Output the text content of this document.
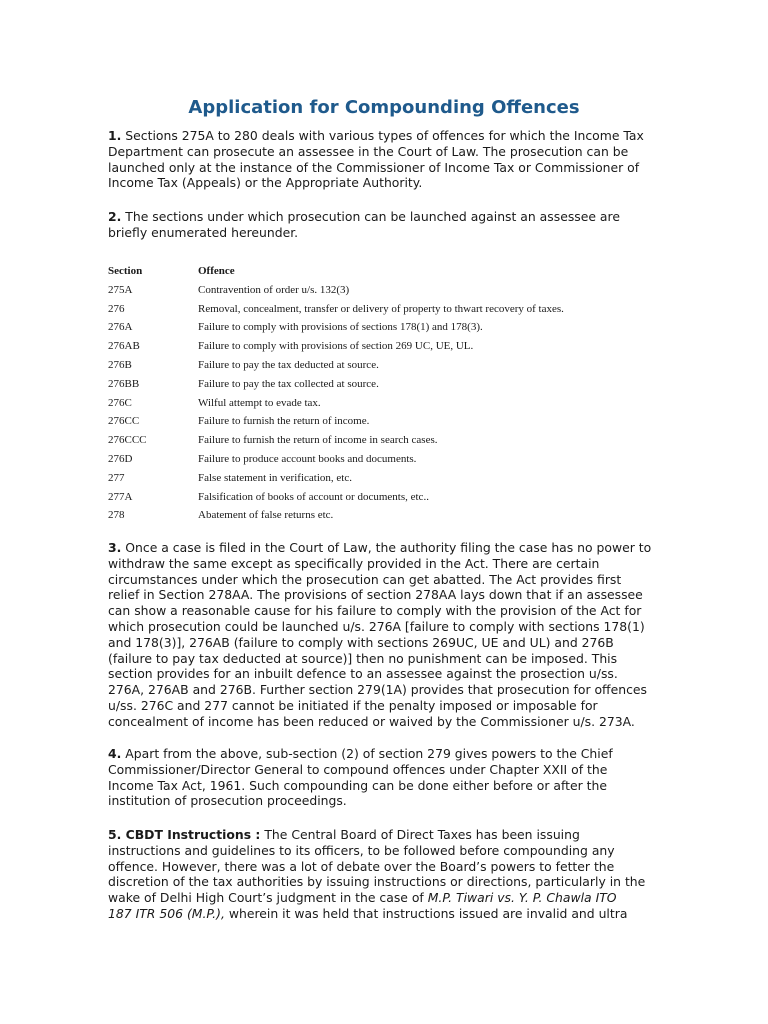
Application for Compounding Offences

1. Sections 275A to 280 deals with various types of offences for which the Income Tax
Department can prosecute an assessee in the Court of Law. The prosecution can be
launched only at the instance of the Commissioner of Income Tax or Commissioner of
Income Tax (Appeals) or the Appropriate Authority.

2. The sections under which prosecution can be launched against an assessee are
briefly enumerated hereunder.

Section	Offence
275A	Contravention of order u/s. 132(3)
276	Removal, concealment, transfer or delivery of property to thwart recovery of taxes.
276A	Failure to comply with provisions of sections 178(1) and 178(3).
276AB	Failure to comply with provisions of section 269 UC, UE, UL.
276B	Failure to pay the tax deducted at source.
276BB	Failure to pay the tax collected at source.
276C	Wilful attempt to evade tax.
276CC	Failure to furnish the return of income.
276CCC	Failure to furnish the return of income in search cases.
276D	Failure to produce account books and documents.
277	False statement in verification, etc.
277A	Falsification of books of account or documents, etc..
278	Abatement of false returns etc.

3. Once a case is filed in the Court of Law, the authority filing the case has no power to
withdraw the same except as specifically provided in the Act. There are certain
circumstances under which the prosecution can get abatted. The Act provides first
relief in Section 278AA. The provisions of section 278AA lays down that if an assessee
can show a reasonable cause for his failure to comply with the provision of the Act for
which prosecution could be launched u/s. 276A [failure to comply with sections 178(1)
and 178(3)], 276AB (failure to comply with sections 269UC, UE and UL) and 276B
(failure to pay tax deducted at source)] then no punishment can be imposed. This
section provides for an inbuilt defence to an assessee against the prosection u/ss.
276A, 276AB and 276B. Further section 279(1A) provides that prosecution for offences
u/ss. 276C and 277 cannot be initiated if the penalty imposed or imposable for
concealment of income has been reduced or waived by the Commissioner u/s. 273A.

4. Apart from the above, sub-section (2) of section 279 gives powers to the Chief
Commissioner/Director General to compound offences under Chapter XXII of the
Income Tax Act, 1961. Such compounding can be done either before or after the
institution of prosecution proceedings.

5. CBDT Instructions : The Central Board of Direct Taxes has been issuing
instructions and guidelines to its officers, to be followed before compounding any
offence. However, there was a lot of debate over the Board’s powers to fetter the
discretion of the tax authorities by issuing instructions or directions, particularly in the
wake of Delhi High Court’s judgment in the case of M.P. Tiwari vs. Y. P. Chawla ITO
187 ITR 506 (M.P.), wherein it was held that instructions issued are invalid and ultra
